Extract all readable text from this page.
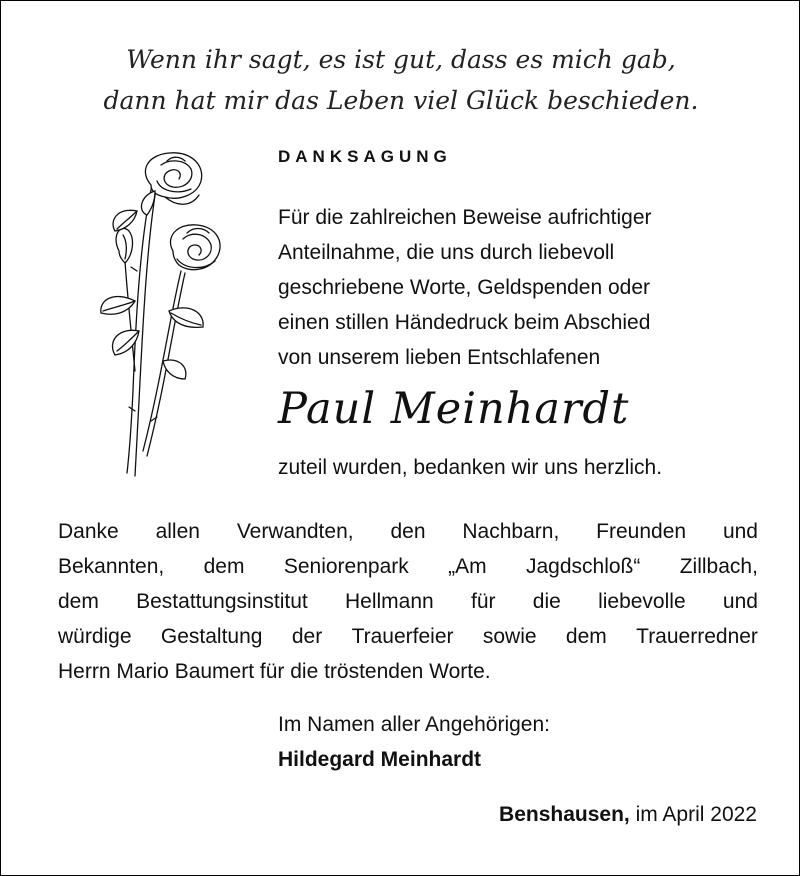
Wenn ihr sagt, es ist gut, dass es mich gab,
dann hat mir das Leben viel Glück beschieden.
DANKSAGUNG
Für die zahlreichen Beweise aufrichtiger
Anteilnahme, die uns durch liebevoll
geschriebene Worte, Geldspenden oder
einen stillen Händedruck beim Abschied
von unserem lieben Entschlafenen
Paul Meinhardt
zuteil wurden, bedanken wir uns herzlich.
Danke allen Verwandten, den Nachbarn, Freunden und
Bekannten, dem Seniorenpark „Am Jagdschloß“ Zillbach,
dem Bestattungsinstitut Hellmann für die liebevolle und
würdige Gestaltung der Trauerfeier sowie dem Trauerredner
Herrn Mario Baumert für die tröstenden Worte.
Im Namen aller Angehörigen:
Hildegard Meinhardt
Benshausen, im April 2022
